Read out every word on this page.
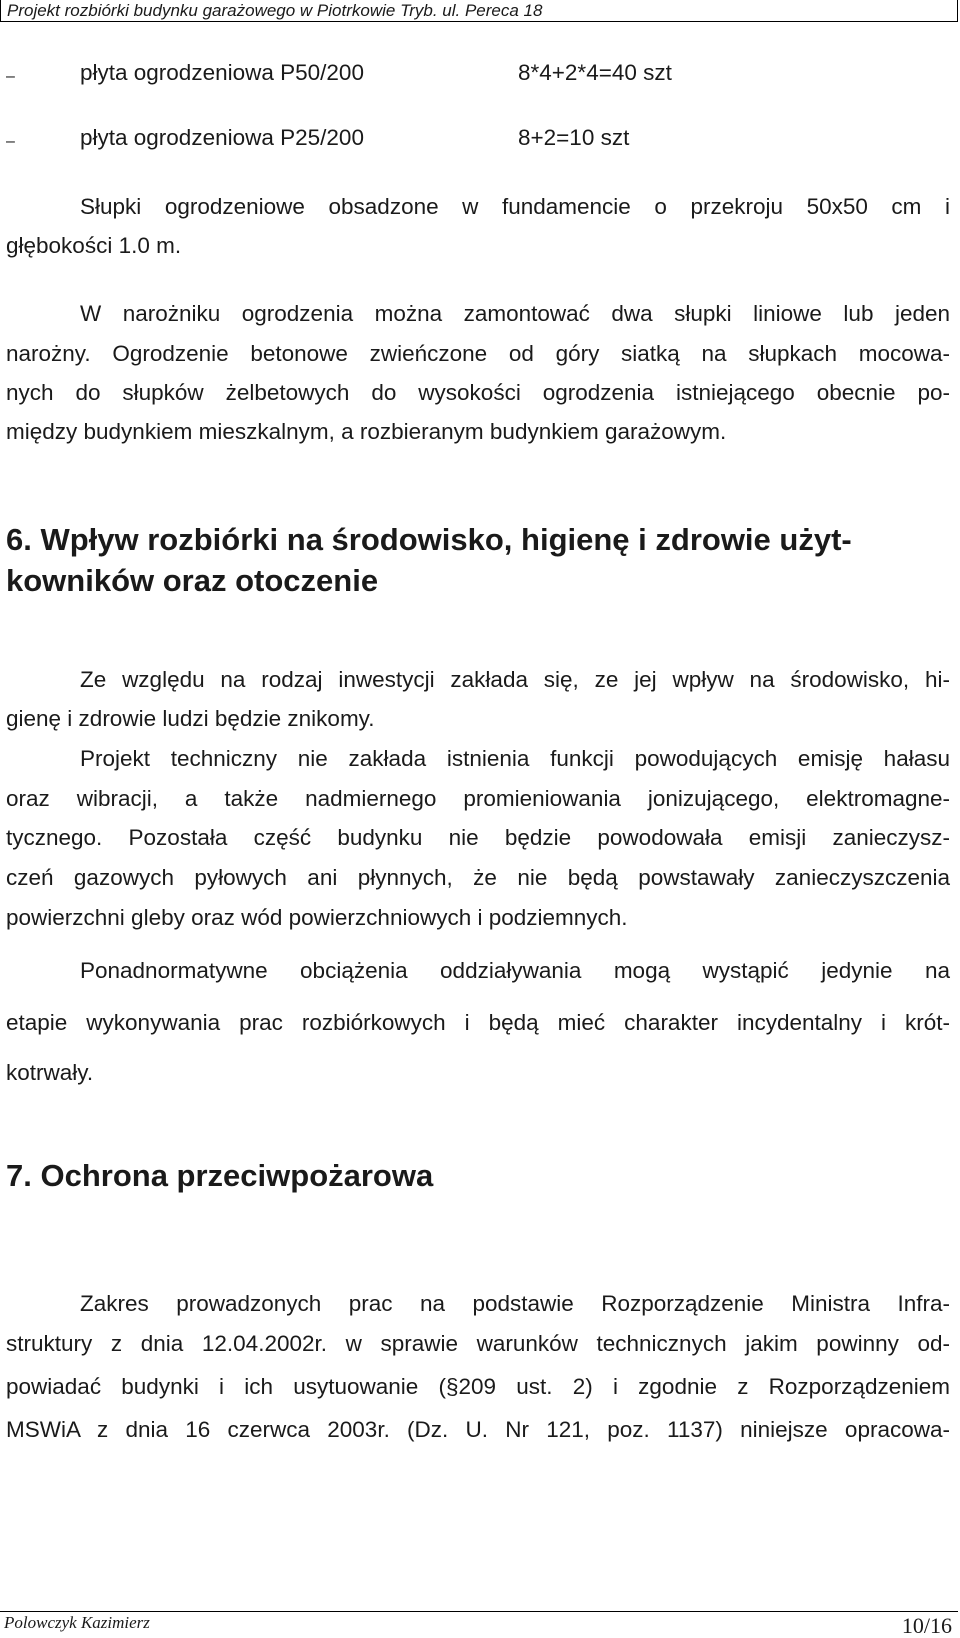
Projekt rozbiórki budynku garażowego w Piotrkowie Tryb. ul. Pereca 18
–	płyta ogrodzeniowa P50/200	8*4+2*4=40 szt
–	płyta ogrodzeniowa P25/200	8+2=10 szt
Słupki ogrodzeniowe obsadzone w fundamencie o przekroju 50x50 cm i
głębokości 1.0 m.
W narożniku ogrodzenia można zamontować dwa słupki liniowe lub jeden
narożny. Ogrodzenie betonowe zwieńczone od góry siatką na słupkach mocowa-
nych do słupków żelbetowych do wysokości ogrodzenia istniejącego obecnie po-
między budynkiem mieszkalnym, a rozbieranym budynkiem garażowym.
6. Wpływ rozbiórki na środowisko, higienę i zdrowie użyt-
kowników oraz otoczenie
Ze względu na rodzaj inwestycji zakłada się, ze jej wpływ na środowisko, hi-
gienę i zdrowie ludzi będzie znikomy.
Projekt techniczny nie zakłada istnienia funkcji powodujących emisję hałasu
oraz wibracji, a także nadmiernego promieniowania jonizującego, elektromagne-
tycznego. Pozostała część budynku nie będzie powodowała emisji zanieczysz-
czeń gazowych pyłowych ani płynnych, że nie będą powstawały zanieczyszczenia
powierzchni gleby oraz wód powierzchniowych i podziemnych.
Ponadnormatywne obciążenia oddziaływania mogą wystąpić jedynie na
etapie wykonywania prac rozbiórkowych i będą mieć charakter incydentalny i krót-
kotrwały.
7. Ochrona przeciwpożarowa
Zakres prowadzonych prac na podstawie Rozporządzenie Ministra Infra-
struktury z dnia 12.04.2002r. w sprawie warunków technicznych jakim powinny od-
powiadać budynki i ich usytuowanie (§209 ust. 2) i zgodnie z Rozporządzeniem
MSWiA z dnia 16 czerwca 2003r. (Dz. U. Nr 121, poz. 1137) niniejsze opracowa-
Polowczyk Kazimierz	10/16
